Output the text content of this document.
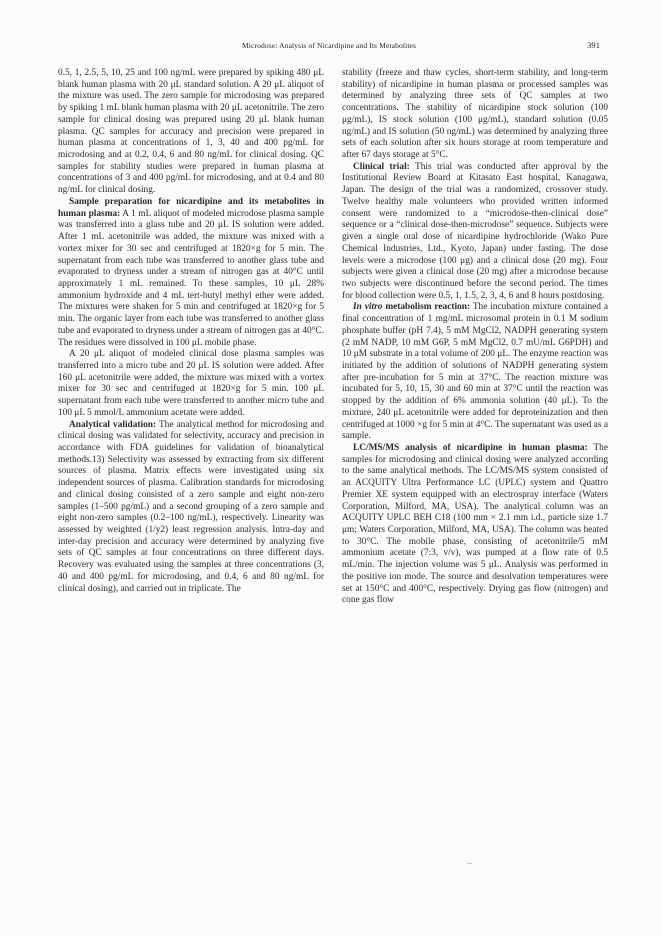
Microdose: Analysis of Nicardipine and Its Metabolites	391

0.5, 1, 2.5, 5, 10, 25 and 100 ng/mL were prepared by spiking 480 μL blank human plasma with 20 μL standard solution. A 20 μL aliquot of the mixture was used. The zero sample for microdosing was prepared by spiking 1 mL blank human plasma with 20 μL acetonitrile. The zero sample for clinical dosing was prepared using 20 μL blank human plasma. QC samples for accuracy and precision were prepared in human plasma at concentrations of 1, 3, 40 and 400 pg/mL for microdosing and at 0.2, 0.4, 6 and 80 ng/mL for clinical dosing. QC samples for stability studies were prepared in human plasma at concentrations of 3 and 400 pg/mL for microdosing, and at 0.4 and 80 ng/mL for clinical dosing.

Sample preparation for nicardipine and its metabolites in human plasma: A 1 mL aliquot of modeled microdose plasma sample was transferred into a glass tube and 20 μL IS solution were added. After 1 mL acetonitrile was added, the mixture was mixed with a vortex mixer for 30 sec and centrifuged at 1820×g for 5 min. The supernatant from each tube was transferred to another glass tube and evaporated to dryness under a stream of nitrogen gas at 40°C until approximately 1 mL remained. To these samples, 10 μL 28% ammonium hydroxide and 4 mL tert-butyl methyl ether were added. The mixtures were shaken for 5 min and centrifuged at 1820×g for 5 min. The organic layer from each tube was transferred to another glass tube and evaporated to dryness under a stream of nitrogen gas at 40°C. The residues were dissolved in 100 μL mobile phase.

A 20 μL aliquot of modeled clinical dose plasma samples was transferred into a micro tube and 20 μL IS solution were added. After 160 μL acetonitrile were added, the mixture was mixed with a vortex mixer for 30 sec and centrifuged at 1820×g for 5 min. 100 μL supernatant from each tube were transferred to another micro tube and 100 μL 5 mmol/L ammonium acetate were added.

Analytical validation: The analytical method for microdosing and clinical dosing was validated for selectivity, accuracy and precision in accordance with FDA guidelines for validation of bioanalytical methods.13) Selectivity was assessed by extracting from six different sources of plasma. Matrix effects were investigated using six independent sources of plasma. Calibration standards for microdosing and clinical dosing consisted of a zero sample and eight non-zero samples (1–500 pg/mL) and a second grouping of a zero sample and eight non-zero samples (0.2–100 ng/mL), respectively. Linearity was assessed by weighted (1/y2) least regression analysis. Intra-day and inter-day precision and accuracy were determined by analyzing five sets of QC samples at four concentrations on three different days. Recovery was evaluated using the samples at three concentrations (3, 40 and 400 pg/mL for microdosing, and 0.4, 6 and 80 ng/mL for clinical dosing), and carried out in triplicate. The

stability (freeze and thaw cycles, short-term stability, and long-term stability) of nicardipine in human plasma or processed samples was determined by analyzing three sets of QC samples at two concentrations. The stability of nicardipine stock solution (100 μg/mL), IS stock solution (100 μg/mL), standard solution (0.05 ng/mL) and IS solution (50 ng/mL) was determined by analyzing three sets of each solution after six hours storage at room temperature and after 67 days storage at 5°C.

Clinical trial: This trial was conducted after approval by the Institutional Review Board at Kitasato East hospital, Kanagawa, Japan. The design of the trial was a randomized, crossover study. Twelve healthy male volunteers who provided written informed consent were randomized to a “microdose-then-clinical dose” sequence or a “clinical dose-then-microdose” sequence. Subjects were given a single oral dose of nicardipine hydrochloride (Wako Pure Chemical Industries, Ltd., Kyoto, Japan) under fasting. The dose levels were a microdose (100 μg) and a clinical dose (20 mg). Four subjects were given a clinical dose (20 mg) after a microdose because two subjects were discontinued before the second period. The times for blood collection were 0.5, 1, 1.5, 2, 3, 4, 6 and 8 hours postdosing.

In vitro metabolism reaction: The incubation mixture contained a final concentration of 1 mg/mL microsomal protein in 0.1 M sodium phosphate buffer (pH 7.4), 5 mM MgCl2, NADPH generating system (2 mM NADP, 10 mM G6P, 5 mM MgCl2, 0.7 mU/mL G6PDH) and 10 μM substrate in a total volume of 200 μL. The enzyme reaction was initiated by the addition of solutions of NADPH generating system after pre-incubation for 5 min at 37°C. The reaction mixture was incubated for 5, 10, 15, 30 and 60 min at 37°C until the reaction was stopped by the addition of 6% ammonia solution (40 μL). To the mixture, 240 μL acetonitrile were added for deproteinization and then centrifuged at 1000 ×g for 5 min at 4°C. The supernatant was used as a sample.

LC/MS/MS analysis of nicardipine in human plasma: The samples for microdosing and clinical dosing were analyzed according to the same analytical methods. The LC/MS/MS system consisted of an ACQUITY Ultra Performance LC (UPLC) system and Quattro Premier XE system equipped with an electrospray interface (Waters Corporation, Milford, MA, USA). The analytical column was an ACQUITY UPLC BEH C18 (100 mm × 2.1 mm i.d., particle size 1.7 μm; Waters Corporation, Milford, MA, USA). The column was heated to 30°C. The mobile phase, consisting of acetonitrile/5 mM ammonium acetate (7:3, v/v), was pumped at a flow rate of 0.5 mL/min. The injection volume was 5 μL. Analysis was performed in the positive ion mode. The source and desolvation temperatures were set at 150°C and 400°C, respectively. Drying gas flow (nitrogen) and cone gas flow
